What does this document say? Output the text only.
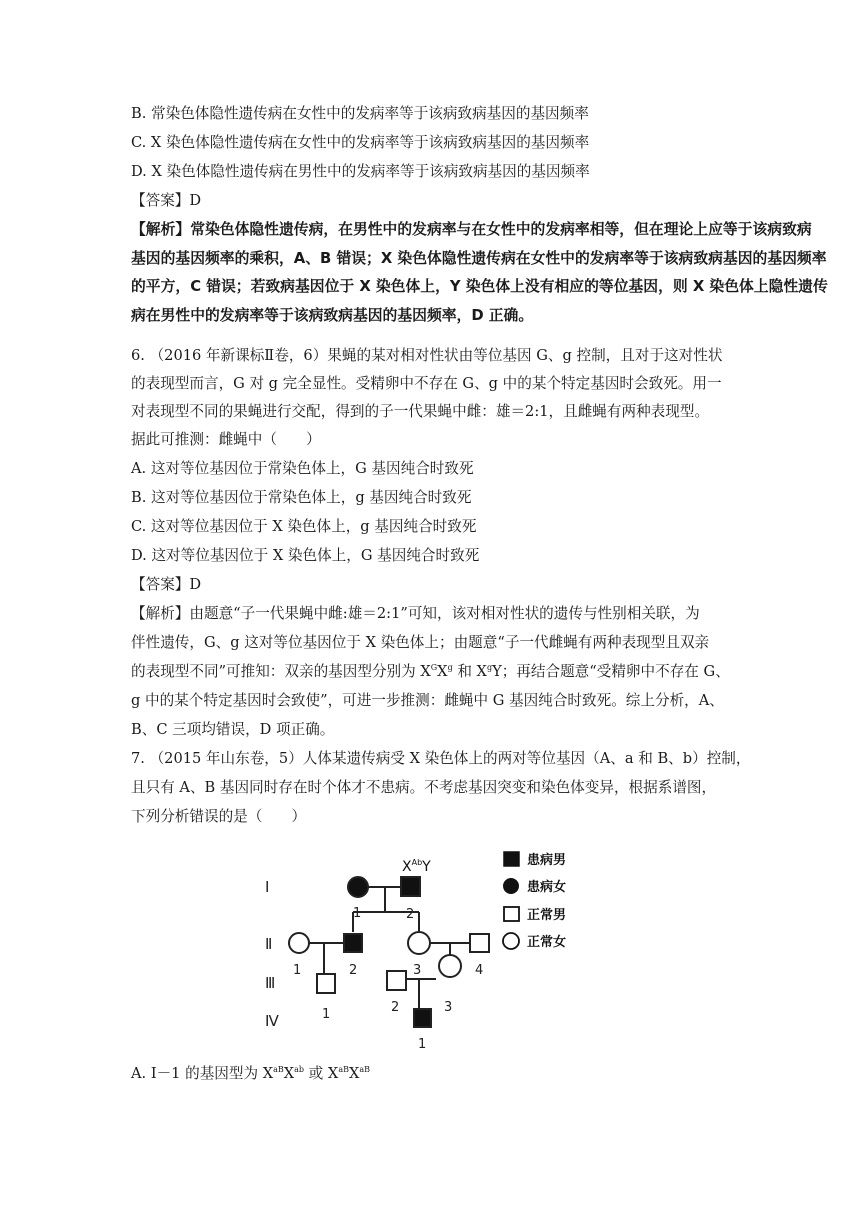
B. 常染色体隐性遗传病在女性中的发病率等于该病致病基因的基因频率
C. X 染色体隐性遗传病在女性中的发病率等于该病致病基因的基因频率
D. X 染色体隐性遗传病在男性中的发病率等于该病致病基因的基因频率
【答案】D
【解析】常染色体隐性遗传病，在男性中的发病率与在女性中的发病率相等，但在理论上应等于该病致病
基因的基因频率的乘积，A、B 错误；X 染色体隐性遗传病在女性中的发病率等于该病致病基因的基因频率
的平方，C 错误；若致病基因位于 X 染色体上，Y 染色体上没有相应的等位基因，则 X 染色体上隐性遗传
病在男性中的发病率等于该病致病基因的基因频率，D 正确。
6. （2016 年新课标Ⅱ卷，6）果蝇的某对相对性状由等位基因 G、g 控制，且对于这对性状
的表现型而言，G 对 g 完全显性。受精卵中不存在 G、g 中的某个特定基因时会致死。用一
对表现型不同的果蝇进行交配，得到的子一代果蝇中雌：雄＝2:1，且雌蝇有两种表现型。
据此可推测：雌蝇中（　　）
A. 这对等位基因位于常染色体上，G 基因纯合时致死
B. 这对等位基因位于常染色体上，g 基因纯合时致死
C. 这对等位基因位于 X 染色体上，g 基因纯合时致死
D. 这对等位基因位于 X 染色体上，G 基因纯合时致死
【答案】D
【解析】由题意“子一代果蝇中雌:雄＝2:1”可知，该对相对性状的遗传与性别相关联，为
伴性遗传，G、g 这对等位基因位于 X 染色体上；由题意“子一代雌蝇有两种表现型且双亲
的表现型不同”可推知：双亲的基因型分别为 $X^GX^g$ 和 $X^gY$；再结合题意“受精卵中不存在 G、
g 中的某个特定基因时会致使”，可进一步推测：雌蝇中 G 基因纯合时致死。综上分析，A、
B、C 三项均错误，D 项正确。
7. （2015 年山东卷，5）人体某遗传病受 X 染色体上的两对等位基因（A、a 和 B、b）控制，
且只有 A、B 基因同时存在时个体才不患病。不考虑基因突变和染色体变异，根据系谱图，
下列分析错误的是（　　）
Ⅰ
Ⅱ
Ⅲ
Ⅳ
$X^{Ab}Y$
1	2
1	2	3	4
1	2	3
1
患病男
患病女
正常男
正常女
A. Ⅰ－1 的基因型为 $X^{aB}X^{ab}$ 或 $X^{aB}X^{aB}$
